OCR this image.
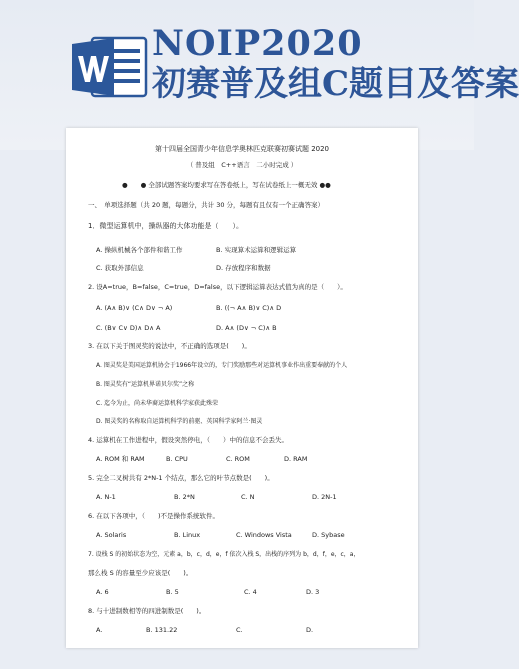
NOIP2020
初赛普及组C题目及答案
第十四届全国青少年信息学奥林匹克联赛初赛试题 2020
（ 普及组　C++语言　二小时完成 ）
●　　● 全部试题答案均要求写在答卷纸上，写在试卷纸上一概无效 ●●
一、　单项选择题（共 20 题，每题分，共计 30 分，每题有且仅有一个正确答案）
1．微型运算机中，操纵器的大体功能是（　　）。
A. 操纵机械各个部件和谐工作	B. 实现算术运算和逻辑运算
C. 获取外部信息	D. 存放程序和数据
2. 设A=true，B=false，C=true，D=false，以下逻辑运算表达式值为真的是（　　）。
A. (A∧ B)∨ (C∧ D∨ ¬ A)	B. ((¬ A∧ B)∨ C)∧ D
C. (B∨ C∨ D)∧ D∧ A	D. A∧ (D∨ ¬ C)∧ B
3. 在以下关于图灵奖的说法中，不正确的选项是(　　)。
A. 图灵奖是美国运算机协会于1966年设立的，专门奖励那些对运算机事业作出重要奉献的个人
B. 图灵奖有“运算机界诺贝尔奖”之称
C. 迄今为止，尚未华裔运算机科学家获此殊荣
D. 图灵奖的名称取自运算机科学的前驱、英国科学家阿兰·图灵
4. 运算机在工作进程中，假设突然停电，（　　）中的信息不会丢失。
A. ROM 和 RAM	B. CPU	C. ROM	D. RAM
5. 完全二叉树共有 2*N-1 个结点，那么它的叶节点数是(　　)。
A. N-1	B. 2*N	C. N	D. 2N-1
6. 在以下各项中，（　　)不是操作系统软件。
A. Solaris	B. Linux	C. Windows Vista	D. Sybase
7. 设栈 S 的初始状态为空，元素 a，b，c，d，e，f 依次入栈 S，出栈的序列为 b，d，f，e，c，a，
那么栈 S 的容量至少应该是(　　)。
A. 6	B. 5	C. 4	D. 3
8. 与十进制数相等的四进制数是(　　)。
A.	B. 131.22	C.	D.
